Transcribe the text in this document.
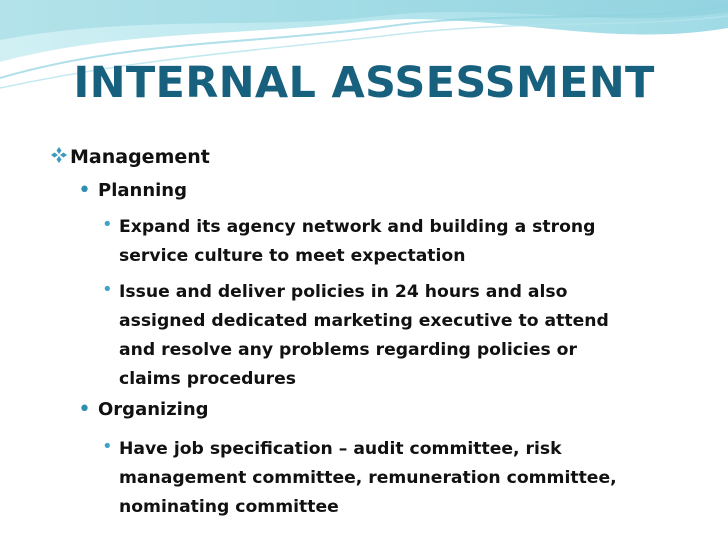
INTERNAL ASSESSMENT
Management
• Planning
• Expand its agency network and building a strong
service culture to meet expectation
• Issue and deliver policies in 24 hours and also
assigned dedicated marketing executive to attend
and resolve any problems regarding policies or
claims procedures
• Organizing
• Have job specification – audit committee, risk
management committee, remuneration committee,
nominating committee
